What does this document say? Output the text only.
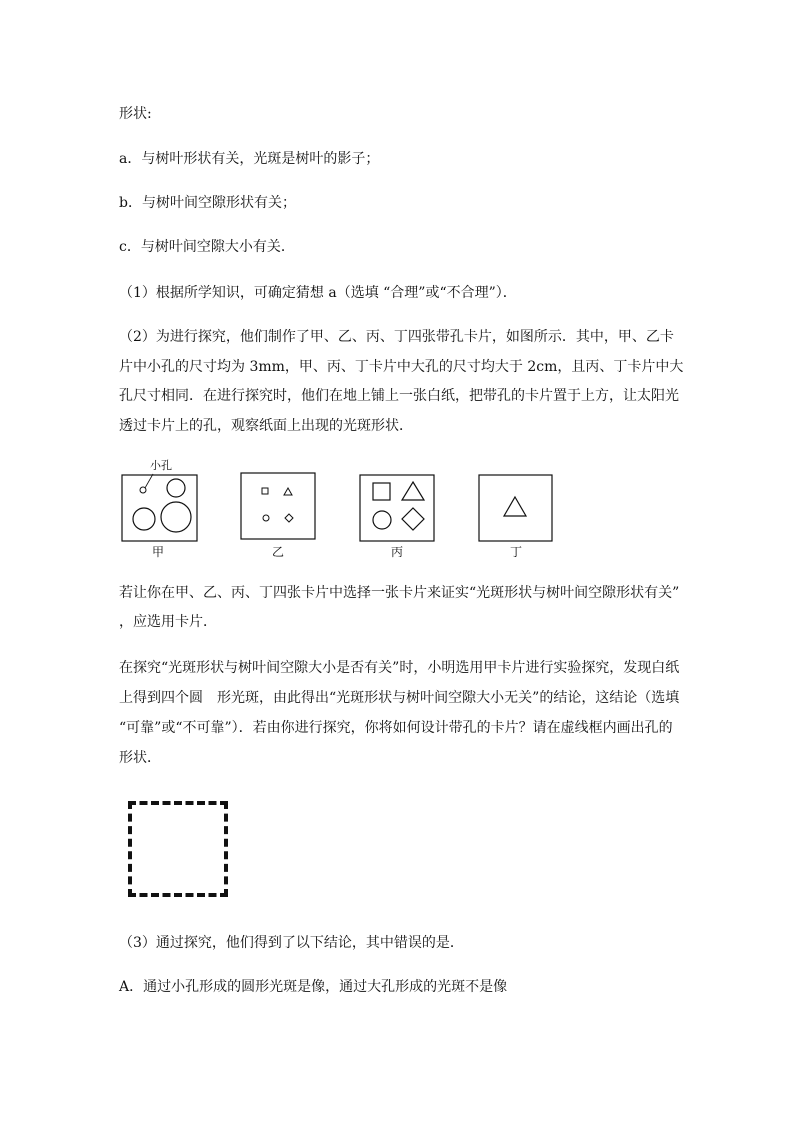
形状:
a．与树叶形状有关，光斑是树叶的影子；
b．与树叶间空隙形状有关；
c．与树叶间空隙大小有关．
（1）根据所学知识，可确定猜想 a（选填 “合理”或“不合理”）．
（2）为进行探究，他们制作了甲、乙、丙、丁四张带孔卡片，如图所示．其中，甲、乙卡
片中小孔的尺寸均为 3mm，甲、丙、丁卡片中大孔的尺寸均大于 2cm，且丙、丁卡片中大
孔尺寸相同．在进行探究时，他们在地上铺上一张白纸，把带孔的卡片置于上方，让太阳光
透过卡片上的孔，观察纸面上出现的光斑形状．
小孔
甲	乙	丙	丁
若让你在甲、乙、丙、丁四张卡片中选择一张卡片来证实“光斑形状与树叶间空隙形状有关”
，应选用卡片．
在探究“光斑形状与树叶间空隙大小是否有关”时，小明选用甲卡片进行实验探究，发现白纸
上得到四个圆　形光斑，由此得出“光斑形状与树叶间空隙大小无关”的结论，这结论（选填
“可靠”或“不可靠”）．若由你进行探究，你将如何设计带孔的卡片？请在虚线框内画出孔的
形状．
（3）通过探究，他们得到了以下结论，其中错误的是．
A．通过小孔形成的圆形光斑是像，通过大孔形成的光斑不是像
